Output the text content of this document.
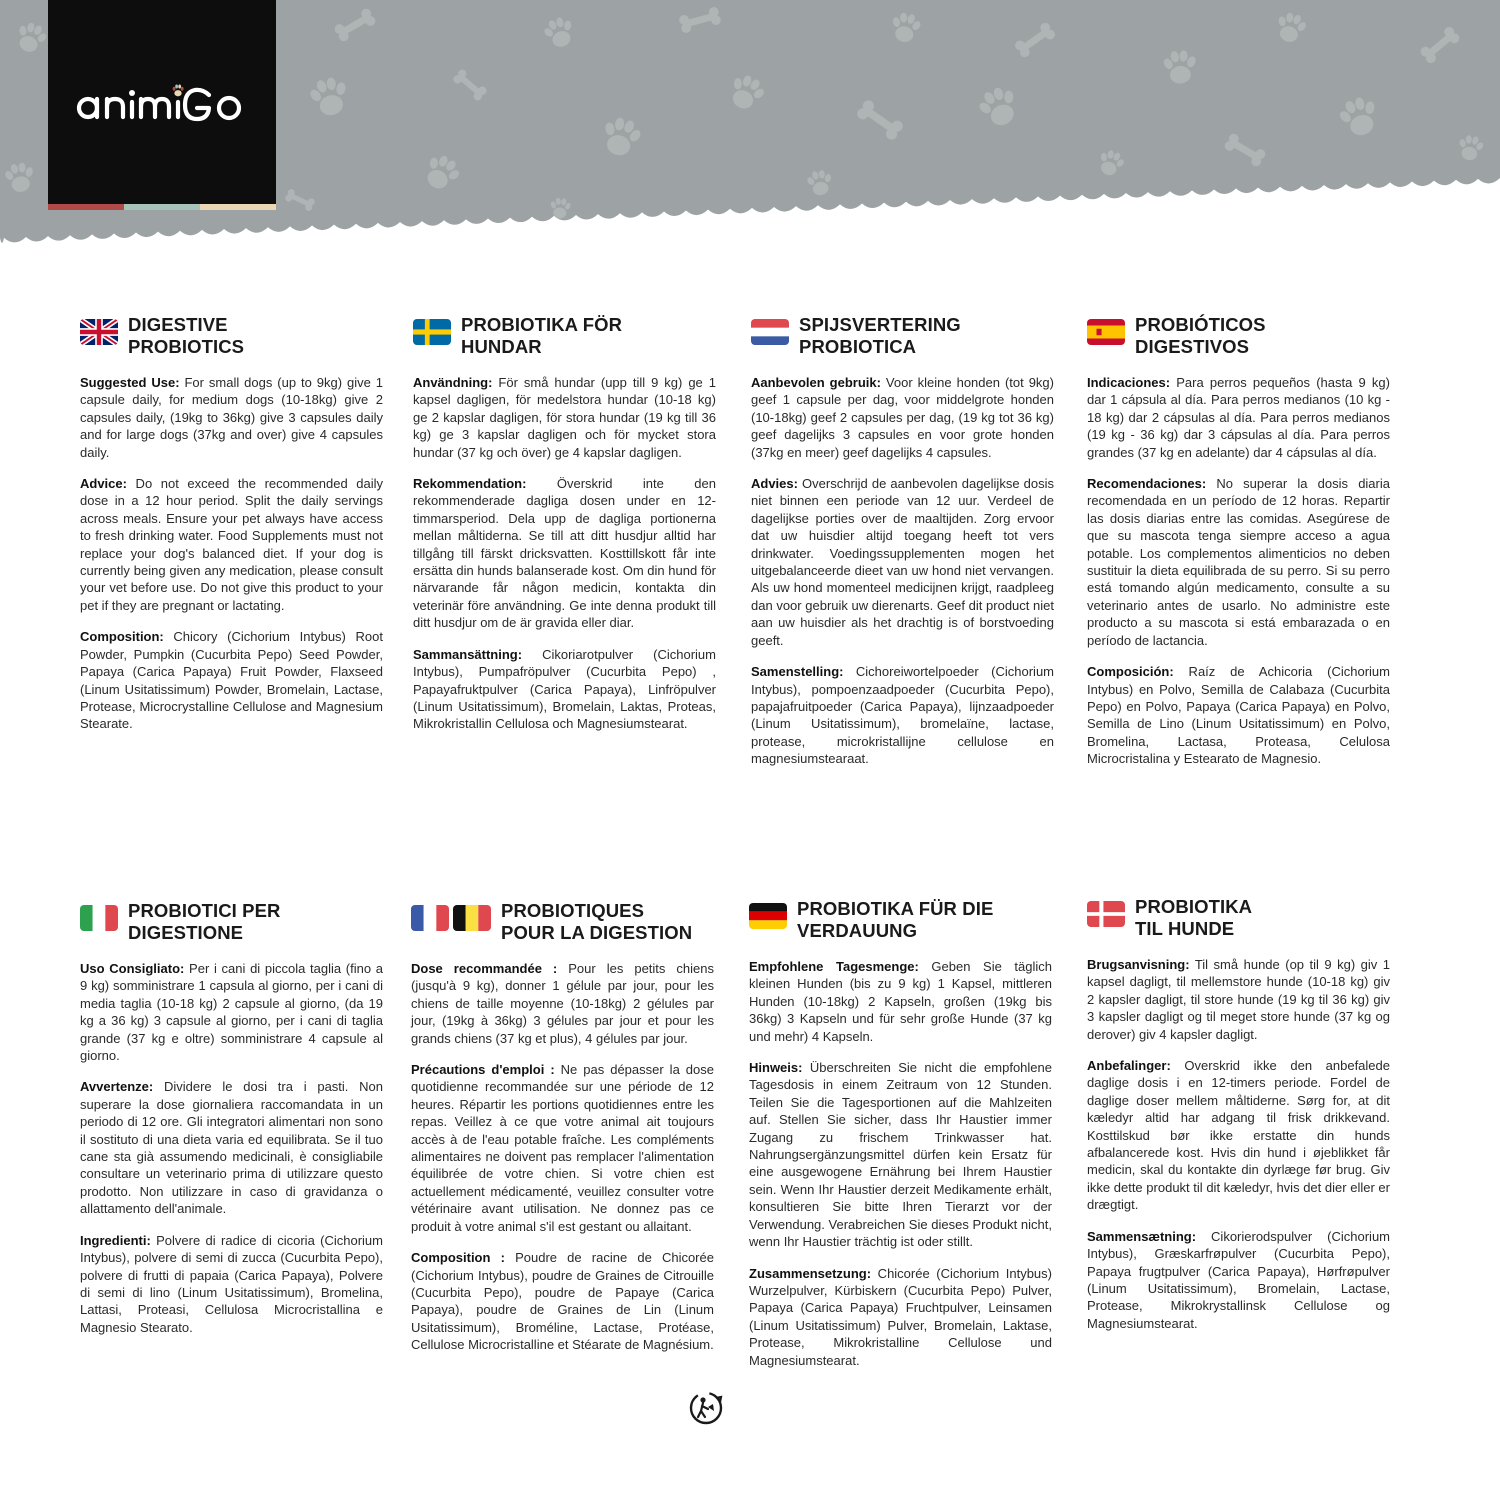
DIGESTIVE
PROBIOTICS

Suggested Use: For small dogs (up to 9kg) give 1 capsule daily, for medium dogs (10-18kg) give 2 capsules daily, (19kg to 36kg) give 3 capsules daily and for large dogs (37kg and over) give 4 capsules daily.

Advice: Do not exceed the recommended daily dose in a 12 hour period. Split the daily servings across meals. Ensure your pet always have access to fresh drinking water. Food Supplements must not replace your dog's balanced diet. If your dog is currently being given any medication, please consult your vet before use. Do not give this product to your pet if they are pregnant or lactating.

Composition: Chicory (Cichorium Intybus) Root Powder, Pumpkin (Cucurbita Pepo) Seed Powder, Papaya (Carica Papaya) Fruit Powder, Flaxseed (Linum Usitatissimum) Powder, Bromelain, Lactase, Protease, Microcrystalline Cellulose and Magnesium Stearate.

PROBIOTIKA FÖR
HUNDAR

Användning: För små hundar (upp till 9 kg) ge 1 kapsel dagligen, för medelstora hundar (10-18 kg) ge 2 kapslar dagligen, för stora hundar (19 kg till 36 kg) ge 3 kapslar dagligen och för mycket stora hundar (37 kg och över) ge 4 kapslar dagligen.

Rekommendation: Överskrid inte den rekommenderade dagliga dosen under en 12-timmarsperiod. Dela upp de dagliga portionerna mellan måltiderna. Se till att ditt husdjur alltid har tillgång till färskt dricksvatten. Kosttillskott får inte ersätta din hunds balanserade kost. Om din hund för närvarande får någon medicin, kontakta din veterinär före användning. Ge inte denna produkt till ditt husdjur om de är gravida eller diar.

Sammansättning: Cikoriarotpulver (Cichorium Intybus), Pumpafröpulver (Cucurbita Pepo) , Papayafruktpulver (Carica Papaya), Linfröpulver (Linum Usitatissimum), Bromelain, Laktas, Proteas, Mikrokristallin Cellulosa och Magnesiumstearat.

SPIJSVERTERING
PROBIOTICA

Aanbevolen gebruik: Voor kleine honden (tot 9kg) geef 1 capsule per dag, voor middelgrote honden (10-18kg) geef 2 capsules per dag, (19 kg tot 36 kg) geef dagelijks 3 capsules en voor grote honden (37kg en meer) geef dagelijks 4 capsules.

Advies: Overschrijd de aanbevolen dagelijkse dosis niet binnen een periode van 12 uur. Verdeel de dagelijkse porties over de maaltijden. Zorg ervoor dat uw huisdier altijd toegang heeft tot vers drinkwater. Voedingssupplementen mogen het uitgebalanceerde dieet van uw hond niet vervangen. Als uw hond momenteel medicijnen krijgt, raadpleeg dan voor gebruik uw dierenarts. Geef dit product niet aan uw huisdier als het drachtig is of borstvoeding geeft.

Samenstelling: Cichoreiwortelpoeder (Cichorium Intybus), pompoenzaadpoeder (Cucurbita Pepo), papajafruitpoeder (Carica Papaya), lijnzaadpoeder (Linum Usitatissimum), bromelaïne, lactase, protease, microkristallijne cellulose en magnesiumstearaat.

PROBIÓTICOS
DIGESTIVOS

Indicaciones: Para perros pequeños (hasta 9 kg) dar 1 cápsula al día. Para perros medianos (10 kg - 18 kg) dar 2 cápsulas al día. Para perros medianos (19 kg - 36 kg) dar 3 cápsulas al día. Para perros grandes (37 kg en adelante) dar 4 cápsulas al día.

Recomendaciones: No superar la dosis diaria recomendada en un período de 12 horas. Repartir las dosis diarias entre las comidas. Asegúrese de que su mascota tenga siempre acceso a agua potable. Los complementos alimenticios no deben sustituir la dieta equilibrada de su perro. Si su perro está tomando algún medicamento, consulte a su veterinario antes de usarlo. No administre este producto a su mascota si está embarazada o en período de lactancia.

Composición: Raíz de Achicoria (Cichorium Intybus) en Polvo, Semilla de Calabaza (Cucurbita Pepo) en Polvo, Papaya (Carica Papaya) en Polvo, Semilla de Lino (Linum Usitatissimum) en Polvo, Bromelina, Lactasa, Proteasa, Celulosa Microcristalina y Estearato de Magnesio.

PROBIOTICI PER
DIGESTIONE

Uso Consigliato: Per i cani di piccola taglia (fino a 9 kg) somministrare 1 capsula al giorno, per i cani di media taglia (10-18 kg) 2 capsule al giorno, (da 19 kg a 36 kg) 3 capsule al giorno, per i cani di taglia grande (37 kg e oltre) somministrare 4 capsule al giorno.

Avvertenze: Dividere le dosi tra i pasti. Non superare la dose giornaliera raccomandata in un periodo di 12 ore. Gli integratori alimentari non sono il sostituto di una dieta varia ed equilibrata. Se il tuo cane sta già assumendo medicinali, è consigliabile consultare un veterinario prima di utilizzare questo prodotto. Non utilizzare in caso di gravidanza o allattamento dell'animale.

Ingredienti: Polvere di radice di cicoria (Cichorium Intybus), polvere di semi di zucca (Cucurbita Pepo), polvere di frutti di papaia (Carica Papaya), Polvere di semi di lino (Linum Usitatissimum), Bromelina, Lattasi, Proteasi, Cellulosa Microcristallina e Magnesio Stearato.

PROBIOTIQUES
POUR LA DIGESTION

Dose recommandée : Pour les petits chiens (jusqu'à 9 kg), donner 1 gélule par jour, pour les chiens de taille moyenne (10-18kg) 2 gélules par jour, (19kg à 36kg) 3 gélules par jour et pour les grands chiens (37 kg et plus), 4 gélules par jour.

Précautions d'emploi : Ne pas dépasser la dose quotidienne recommandée sur une période de 12 heures. Répartir les portions quotidiennes entre les repas. Veillez à ce que votre animal ait toujours accès à de l'eau potable fraîche. Les compléments alimentaires ne doivent pas remplacer l'alimentation équilibrée de votre chien. Si votre chien est actuellement médicamenté, veuillez consulter votre vétérinaire avant utilisation. Ne donnez pas ce produit à votre animal s'il est gestant ou allaitant.

Composition : Poudre de racine de Chicorée (Cichorium Intybus), poudre de Graines de Citrouille (Cucurbita Pepo), poudre de Papaye (Carica Papaya), poudre de Graines de Lin (Linum Usitatissimum), Broméline, Lactase, Protéase, Cellulose Microcristalline et Stéarate de Magnésium.

PROBIOTIKA FÜR DIE
VERDAUUNG

Empfohlene Tagesmenge: Geben Sie täglich kleinen Hunden (bis zu 9 kg) 1 Kapsel, mittleren Hunden (10-18kg) 2 Kapseln, großen (19kg bis 36kg) 3 Kapseln und für sehr große Hunde (37 kg und mehr) 4 Kapseln.

Hinweis: Überschreiten Sie nicht die empfohlene Tagesdosis in einem Zeitraum von 12 Stunden. Teilen Sie die Tagesportionen auf die Mahlzeiten auf. Stellen Sie sicher, dass Ihr Haustier immer Zugang zu frischem Trinkwasser hat. Nahrungsergänzungsmittel dürfen kein Ersatz für eine ausgewogene Ernährung bei Ihrem Haustier sein. Wenn Ihr Haustier derzeit Medikamente erhält, konsultieren Sie bitte Ihren Tierarzt vor der Verwendung. Verabreichen Sie dieses Produkt nicht, wenn Ihr Haustier trächtig ist oder stillt.

Zusammensetzung: Chicorée (Cichorium Intybus) Wurzelpulver, Kürbiskern (Cucurbita Pepo) Pulver, Papaya (Carica Papaya) Fruchtpulver, Leinsamen (Linum Usitatissimum) Pulver, Bromelain, Laktase, Protease, Mikrokristalline Cellulose und Magnesiumstearat.

PROBIOTIKA
TIL HUNDE

Brugsanvisning: Til små hunde (op til 9 kg) giv 1 kapsel dagligt, til mellemstore hunde (10-18 kg) giv 2 kapsler dagligt, til store hunde (19 kg til 36 kg) giv 3 kapsler dagligt og til meget store hunde (37 kg og derover) giv 4 kapsler dagligt.

Anbefalinger: Overskrid ikke den anbefalede daglige dosis i en 12-timers periode. Fordel de daglige doser mellem måltiderne. Sørg for, at dit kæledyr altid har adgang til frisk drikkevand. Kosttilskud bør ikke erstatte din hunds afbalancerede kost. Hvis din hund i øjeblikket får medicin, skal du kontakte din dyrlæge før brug. Giv ikke dette produkt til dit kæledyr, hvis det dier eller er drægtigt.

Sammensætning: Cikorierodspulver (Cichorium Intybus), Græskarfrøpulver (Cucurbita Pepo), Papaya frugtpulver (Carica Papaya), Hørfrøpulver (Linum Usitatissimum), Bromelain, Lactase, Protease, Mikrokrystallinsk Cellulose og Magnesiumstearat.
